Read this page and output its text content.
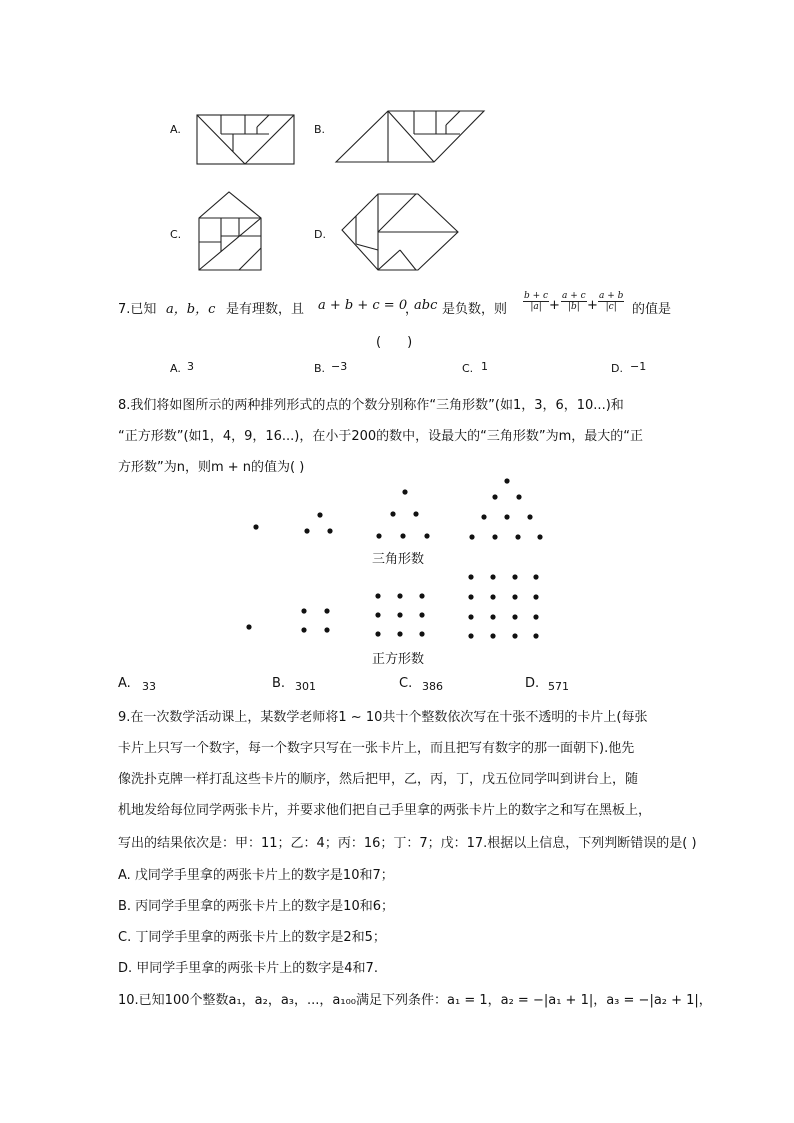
A.	B.
C.	D.
7.已知 a，b，c 是有理数，且 a + b + c = 0
，
abc 是负数，则 $\frac{b + c}{|a|} + \frac{a + c}{|b|} + \frac{a + b}{|c|}$ 的值是
(　　)
A. 3	B. −3	C. 1	D. −1
8.我们将如图所示的两种排列形式的点的个数分别称作“三角形数”(如1，3，6，10...)和
“正方形数”(如1，4，9，16...)，在小于200的数中，设最大的“三角形数”为m，最大的“正
方形数”为n，则m + n的值为( )
三角形数
正方形数
A. 33	B. 301	C. 386	D. 571
9.在一次数学活动课上，某数学老师将1 ~ 10共十个整数依次写在十张不透明的卡片上(每张
卡片上只写一个数字，每一个数字只写在一张卡片上，而且把写有数字的那一面朝下).他先
像洗扑克牌一样打乱这些卡片的顺序，然后把甲，乙，丙，丁，戊五位同学叫到讲台上，随
机地发给每位同学两张卡片，并要求他们把自己手里拿的两张卡片上的数字之和写在黑板上，
写出的结果依次是：甲：11；乙：4；丙：16；丁：7；戊：17.根据以上信息，下列判断错误的是( )
A. 戊同学手里拿的两张卡片上的数字是10和7；
B. 丙同学手里拿的两张卡片上的数字是10和6；
C. 丁同学手里拿的两张卡片上的数字是2和5；
D. 甲同学手里拿的两张卡片上的数字是4和7.
10.已知100个整数a₁，a₂，a₃，...，a₁₀₀满足下列条件：a₁ = 1，a₂ = −|a₁ + 1|，a₃ = −|a₂ + 1|，
